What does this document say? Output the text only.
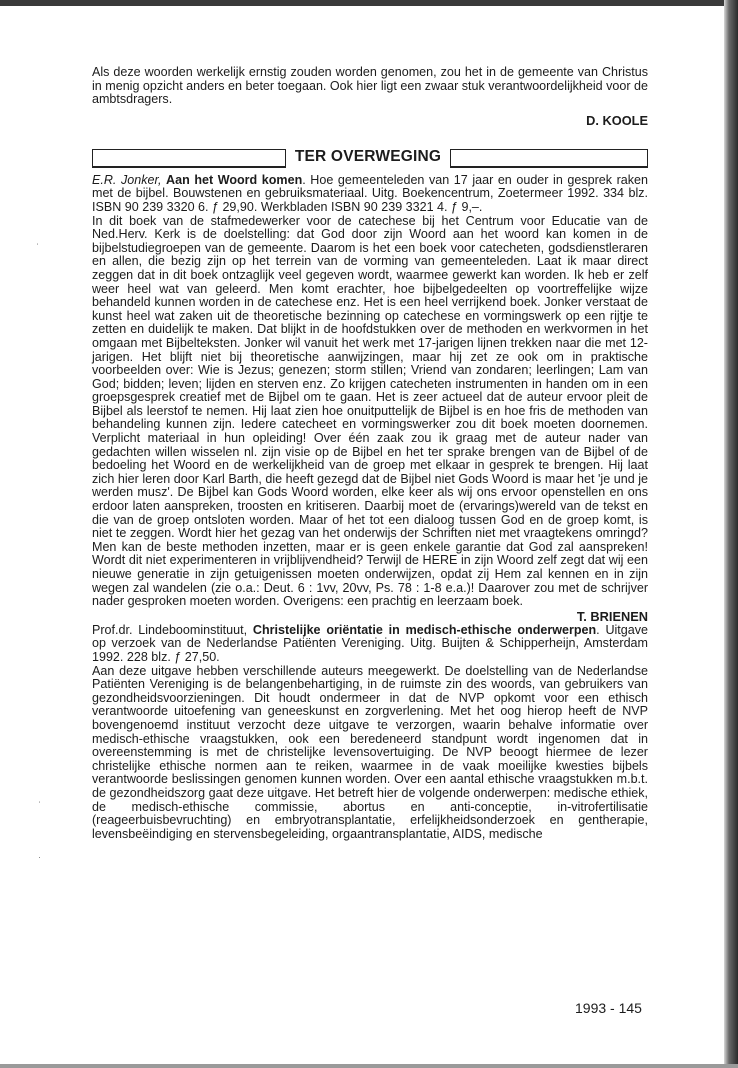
ʿ
ʿ
·

Als deze woorden werkelijk ernstig zouden worden genomen, zou het in de gemeente van Christus in menig opzicht anders en beter toegaan. Ook hier ligt een zwaar stuk verantwoordelijkheid voor de ambtsdragers.

D. KOOLE
TER OVERWEGING

E.R. Jonker, Aan het Woord komen. Hoe gemeenteleden van 17 jaar en ouder in gesprek raken met de bijbel. Bouwstenen en gebruiksmateriaal. Uitg. Boekencentrum, Zoetermeer 1992. 334 blz. ISBN 90 239 3320 6. ƒ 29,90. Werkbladen ISBN 90 239 3321 4. ƒ 9,–.

In dit boek van de stafmedewerker voor de catechese bij het Centrum voor Educatie van de Ned.Herv. Kerk is de doelstelling: dat God door zijn Woord aan het woord kan komen in de bijbelstudiegroepen van de gemeente. Daarom is het een boek voor catecheten, godsdienstleraren en allen, die bezig zijn op het terrein van de vorming van gemeenteleden. Laat ik maar direct zeggen dat in dit boek ontzaglijk veel gegeven wordt, waarmee gewerkt kan worden. Ik heb er zelf weer heel wat van geleerd. Men komt erachter, hoe bijbelgedeelten op voortreffelijke wijze behandeld kunnen worden in de catechese enz. Het is een heel verrijkend boek. Jonker verstaat de kunst heel wat zaken uit de theoretische bezinning op catechese en vormingswerk op een rijtje te zetten en duidelijk te maken. Dat blijkt in de hoofdstukken over de methoden en werkvormen in het omgaan met Bijbelteksten. Jonker wil vanuit het werk met 17-jarigen lijnen trekken naar die met 12-jarigen. Het blijft niet bij theoretische aanwijzingen, maar hij zet ze ook om in praktische voorbeelden over: Wie is Jezus; genezen; storm stillen; Vriend van zondaren; leerlingen; Lam van God; bidden; leven; lijden en sterven enz. Zo krijgen catecheten instrumenten in handen om in een groepsgesprek creatief met de Bijbel om te gaan. Het is zeer actueel dat de auteur ervoor pleit de Bijbel als leerstof te nemen. Hij laat zien hoe onuitputtelijk de Bijbel is en hoe fris de methoden van behandeling kunnen zijn. Iedere catecheet en vormingswerker zou dit boek moeten doornemen. Verplicht materiaal in hun opleiding! Over één zaak zou ik graag met de auteur nader van gedachten willen wisselen nl. zijn visie op de Bijbel en het ter sprake brengen van de Bijbel of de bedoeling het Woord en de werkelijkheid van de groep met elkaar in gesprek te brengen. Hij laat zich hier leren door Karl Barth, die heeft gezegd dat de Bijbel niet Gods Woord is maar het 'je und je werden musz'. De Bijbel kan Gods Woord worden, elke keer als wij ons ervoor openstellen en ons erdoor laten aanspreken, troosten en kritiseren. Daarbij moet de (ervarings)wereld van de tekst en die van de groep ontsloten worden. Maar of het tot een dialoog tussen God en de groep komt, is niet te zeggen. Wordt hier het gezag van het onderwijs der Schriften niet met vraagtekens omringd? Men kan de beste methoden inzetten, maar er is geen enkele garantie dat God zal aanspreken! Wordt dit niet experimenteren in vrijblijvendheid? Terwijl de HERE in zijn Woord zelf zegt dat wij een nieuwe generatie in zijn getuigenissen moeten onderwijzen, opdat zij Hem zal kennen en in zijn wegen zal wandelen (zie o.a.: Deut. 6 : 1vv, 20vv, Ps. 78 : 1-8 e.a.)! Daarover zou met de schrijver nader gesproken moeten worden. Overigens: een prachtig en leerzaam boek.

T. BRIENEN

Prof.dr. Lindeboominstituut, Christelijke oriëntatie in medisch-ethische onderwerpen. Uitgave op verzoek van de Nederlandse Patiënten Vereniging. Uitg. Buijten & Schipperheijn, Amsterdam 1992. 228 blz. ƒ 27,50.

Aan deze uitgave hebben verschillende auteurs meegewerkt. De doelstelling van de Nederlandse Patiënten Vereniging is de belangenbehartiging, in de ruimste zin des woords, van gebruikers van gezondheidsvoorzieningen. Dit houdt ondermeer in dat de NVP opkomt voor een ethisch verantwoorde uitoefening van geneeskunst en zorgverlening. Met het oog hierop heeft de NVP bovengenoemd instituut verzocht deze uitgave te verzorgen, waarin behalve informatie over medisch-ethische vraagstukken, ook een beredeneerd standpunt wordt ingenomen dat in overeenstemming is met de christelijke levensovertuiging. De NVP beoogt hiermee de lezer christelijke ethische normen aan te reiken, waarmee in de vaak moeilijke kwesties bijbels verantwoorde beslissingen genomen kunnen worden. Over een aantal ethische vraagstukken m.b.t. de gezondheidszorg gaat deze uitgave. Het betreft hier de volgende onderwerpen: medische ethiek, de medisch-ethische commissie, abortus en anti-conceptie, in-vitrofertilisatie (reageerbuisbevruchting) en embryotransplantatie, erfelijkheidsonderzoek en gentherapie, levensbeëindiging en stervensbegeleiding, orgaantransplantatie, AIDS, medische

1993 - 145
